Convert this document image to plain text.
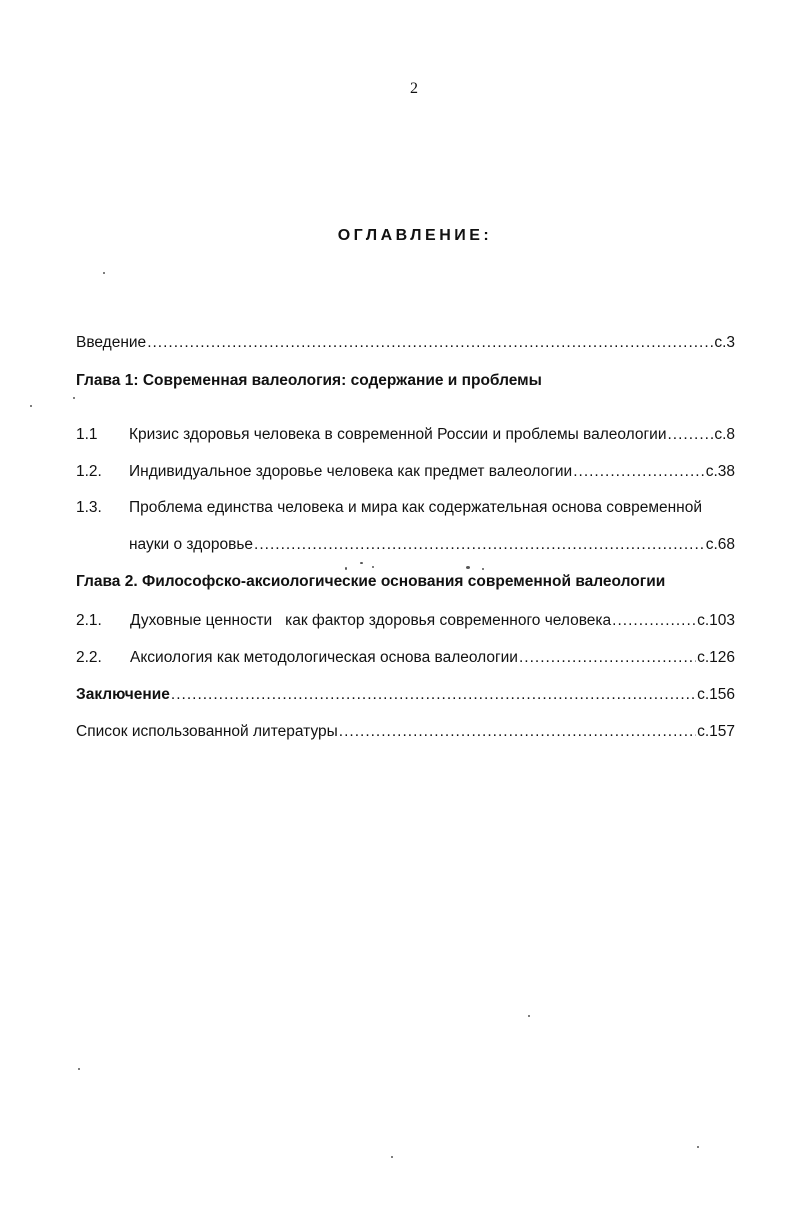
2
ОГЛАВЛЕНИЕ:
Введение .....	с.3
Глава 1: Современная валеология: содержание и проблемы
1.1	Кризис здоровья человека в современной России и проблемы валеологии .....	с.8
1.2.	Индивидуальное здоровье человека как предмет валеологии .....	с.38
1.3.	Проблема единства человека и мира как содержательная основа современной
науки о здоровье .....	с.68
Глава 2. Философско-аксиологические основания современной валеологии
2.1.	Духовные ценности   как фактор здоровья современного человека .....	с.103
2.2.	Аксиология как методологическая основа валеологии .....	с.126
Заключение .....	с.156
Список использованной литературы .....	с.157
